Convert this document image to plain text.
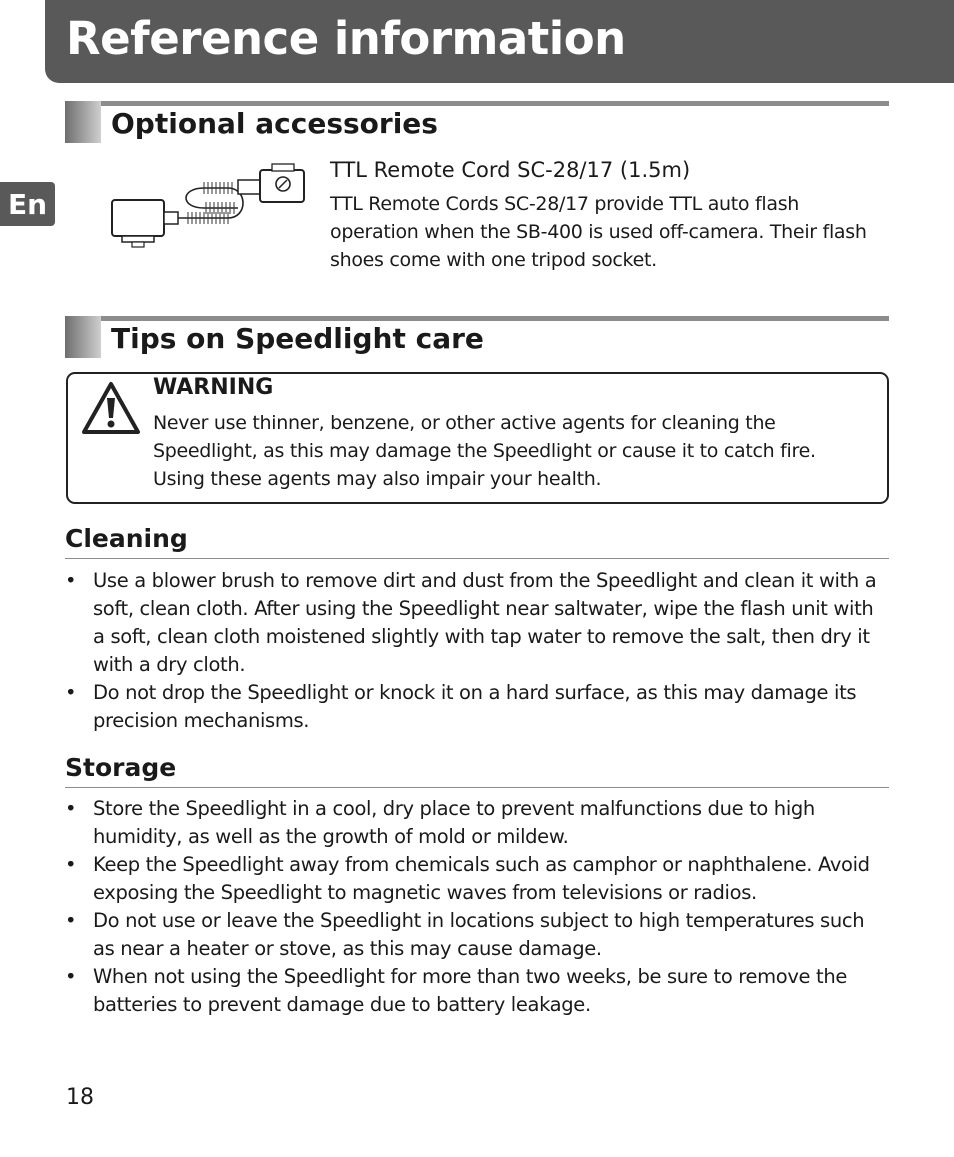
Reference information
En
Optional accessories
TTL Remote Cord SC-28/17 (1.5m)
TTL Remote Cords SC-28/17 provide TTL auto flash operation when the SB-400 is used off-camera. Their flash shoes come with one tripod socket.
Tips on Speedlight care
WARNING
Never use thinner, benzene, or other active agents for cleaning the Speedlight, as this may damage the Speedlight or cause it to catch fire. Using these agents may also impair your health.
Cleaning
• Use a blower brush to remove dirt and dust from the Speedlight and clean it with a soft, clean cloth. After using the Speedlight near saltwater, wipe the flash unit with a soft, clean cloth moistened slightly with tap water to remove the salt, then dry it with a dry cloth.
• Do not drop the Speedlight or knock it on a hard surface, as this may damage its precision mechanisms.
Storage
• Store the Speedlight in a cool, dry place to prevent malfunctions due to high humidity, as well as the growth of mold or mildew.
• Keep the Speedlight away from chemicals such as camphor or naphthalene. Avoid exposing the Speedlight to magnetic waves from televisions or radios.
• Do not use or leave the Speedlight in locations subject to high temperatures such as near a heater or stove, as this may cause damage.
• When not using the Speedlight for more than two weeks, be sure to remove the batteries to prevent damage due to battery leakage.
18
